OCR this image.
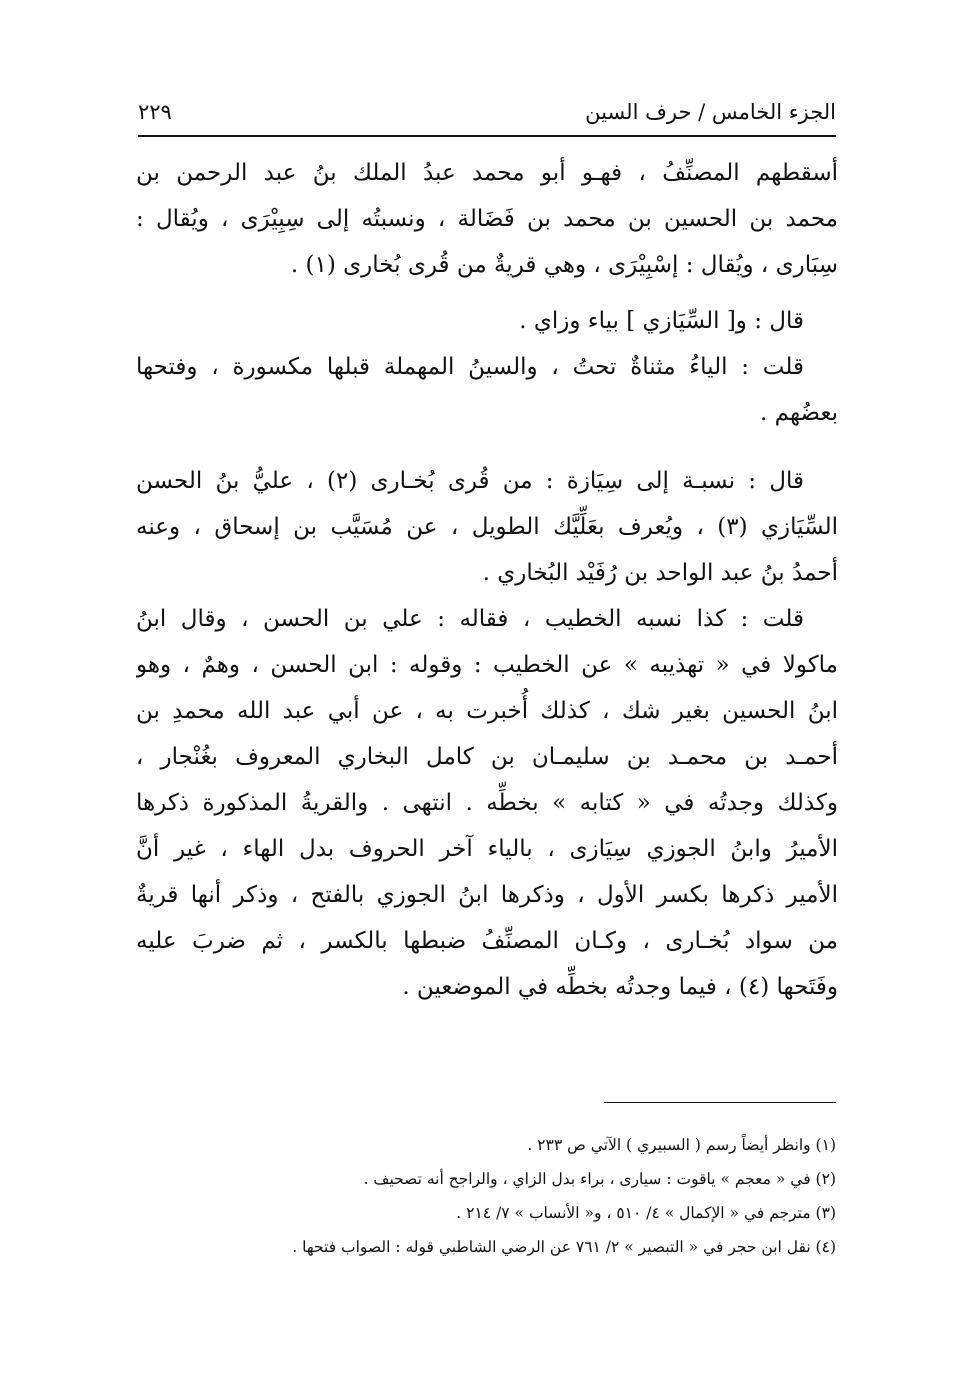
الجزء الخامس / حرف السين
٢٢٩
أسقطهم المصنِّفُ ، فهـو أبو محمد عبدُ الملك بنُ عبد الرحمن بن
محمد بن الحسين بن محمد بن فَضَالة ، ونسبتُه إلى سِبِيْرَى ، ويُقال :
سِبَارى ، ويُقال : إسْبِيْرَى ، وهي قريةٌ من قُرى بُخارى (١) .
قال : و[ السِّيَازي ] بياء وزاي .
قلت : الياءُ مثناةٌ تحتُ ، والسينُ المهملة قبلها مكسورة ، وفتحها
بعضُهم .
قال : نسبـة إلى سِيَازة : من قُرى بُخـارى (٢) ، عليُّ بنُ الحسن
السِّيَازي (٣) ، ويُعرف بعَلِّيَّك الطويل ، عن مُسَيَّب بن إسحاق ، وعنه
أحمدُ بنُ عبد الواحد بن رُفَيْد البُخاري .
قلت : كذا نسبه الخطيب ، فقاله : علي بن الحسن ، وقال ابنُ
ماكولا في « تهذيبه » عن الخطيب : وقوله : ابن الحسن ، وهمٌ ، وهو
ابنُ الحسين بغير شك ، كذلك أُخبرت به ، عن أبي عبد الله محمدِ بن
أحمـد بن محمـد بن سليمـان بن كامل البخاري المعروف بغُنْجار ،
وكذلك وجدتُه في « كتابه » بخطِّه . انتهى . والقريةُ المذكورة ذكرها
الأميرُ وابنُ الجوزي سِيَازى ، بالياء آخر الحروف بدل الهاء ، غير أنَّ
الأمير ذكرها بكسر الأول ، وذكرها ابنُ الجوزي بالفتح ، وذكر أنها قريةٌ
من سواد بُخـارى ، وكـان المصنِّفُ ضبطها بالكسر ، ثم ضربَ عليه
وفَتَحها (٤) ، فيما وجدتُه بخطِّه في الموضعين .
(١) وانظر أيضاً رسم ( السبيري ) الآتي ص ٢٣٣ .
(٢) في « معجم » ياقوت : سيارى ، براء بدل الزاي ، والراجح أنه تصحيف .
(٣) مترجم في « الإكمال » ٤/ ٥١٠ ، و« الأنساب » ٧/ ٢١٤ .
(٤) نقل ابن حجر في « التبصير » ٢/ ٧٦١ عن الرضي الشاطبي قوله : الصواب فتحها .
